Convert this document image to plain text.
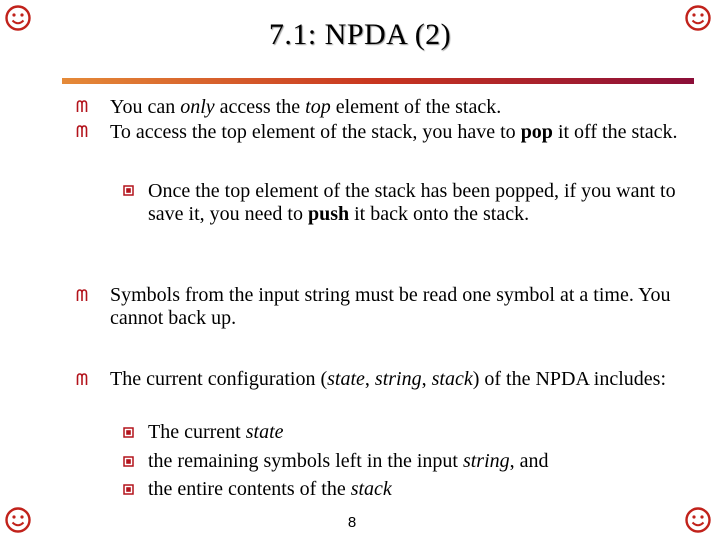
7.1: NPDA (2)
You can only access the top element of the stack.
To access the top element of the stack, you have to pop it off the stack.
Once the top element of the stack has been popped, if you want to save it, you need to push it back onto the stack.
Symbols from the input string must be read one symbol at a time. You cannot back up.
The current configuration (state, string, stack) of the NPDA includes:
The current state
the remaining symbols left in the input string, and
the entire contents of the stack
8
